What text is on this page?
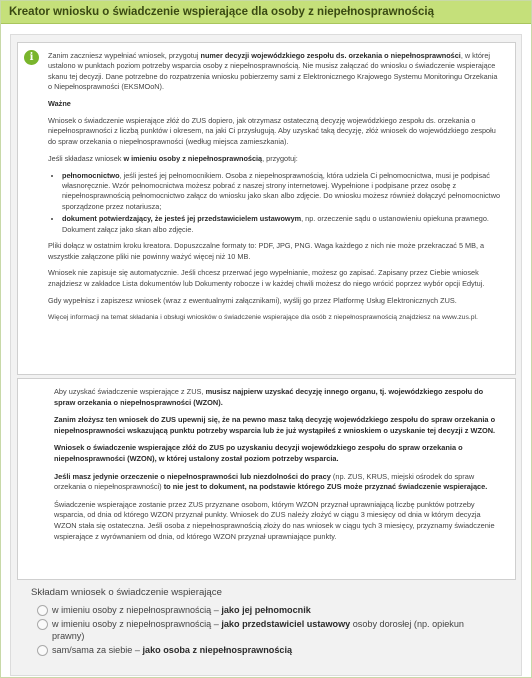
Kreator wniosku o świadczenie wspierające dla osoby z niepełnosprawnością
i	Zanim zaczniesz wypełniać wniosek, przygotuj numer decyzji wojewódzkiego zespołu ds. orzekania o niepełnosprawności, w której ustalono w punktach poziom potrzeby wsparcia osoby z niepełnosprawnością. Nie musisz załączać do wniosku o świadczenie wspierające skanu tej decyzji. Dane potrzebne do rozpatrzenia wniosku pobierzemy sami z Elektronicznego Krajowego Systemu Monitoringu Orzekania o Niepełnosprawności (EKSMOoN).

Ważne

Wniosek o świadczenie wspierające złóż do ZUS dopiero, jak otrzymasz ostateczną decyzję wojewódzkiego zespołu ds. orzekania o niepełnosprawności z liczbą punktów i okresem, na jaki Ci przysługują. Aby uzyskać taką decyzję, złóż wniosek do wojewódzkiego zespołu do spraw orzekania o niepełnosprawności (według miejsca zamieszkania).

Jeśli składasz wniosek w imieniu osoby z niepełnosprawnością, przygotuj:

• pełnomocnictwo, jeśli jesteś jej pełnomocnikiem. Osoba z niepełnosprawnością, która udziela Ci pełnomocnictwa, musi je podpisać własnoręcznie. Wzór pełnomocnictwa możesz pobrać z naszej strony internetowej. Wypełnione i podpisane przez osobę z niepełnosprawnością pełnomocnictwo załącz do wniosku jako skan albo zdjęcie. Do wniosku możesz również dołączyć pełnomocnictwo sporządzone przez notariusza;
• dokument potwierdzający, że jesteś jej przedstawicielem ustawowym, np. orzeczenie sądu o ustanowieniu opiekuna prawnego. Dokument załącz jako skan albo zdjęcie.

Pliki dołącz w ostatnim kroku kreatora. Dopuszczalne formaty to: PDF, JPG, PNG. Waga każdego z nich nie może przekraczać 5 MB, a wszystkie załączone pliki nie powinny ważyć więcej niż 10 MB.

Wniosek nie zapisuje się automatycznie. Jeśli chcesz przerwać jego wypełnianie, możesz go zapisać. Zapisany przez Ciebie wniosek znajdziesz w zakładce Lista dokumentów lub Dokumenty robocze i w każdej chwili możesz do niego wrócić poprzez wybór opcji Edytuj.

Gdy wypełnisz i zapiszesz wniosek (wraz z ewentualnymi załącznikami), wyślij go przez Platformę Usług Elektronicznych ZUS.

Więcej informacji na temat składania i obsługi wniosków o świadczenie wspierające dla osób z niepełnosprawnością znajdziesz na www.zus.pl.

Aby uzyskać świadczenie wspierające z ZUS, musisz najpierw uzyskać decyzję innego organu, tj. wojewódzkiego zespołu do spraw orzekania o niepełnosprawności (WZON).

Zanim złożysz ten wniosek do ZUS upewnij się, że na pewno masz taką decyzję wojewódzkiego zespołu do spraw orzekania o niepełnosprawności wskazującą punktu potrzeby wsparcia lub że już wystąpiłeś z wnioskiem o uzyskanie tej decyzji z WZON.

Wniosek o świadczenie wspierające złóż do ZUS po uzyskaniu decyzji wojewódzkiego zespołu do spraw orzekania o niepełnosprawności (WZON), w której ustalony został poziom potrzeby wsparcia.

Jeśli masz jedynie orzeczenie o niepełnosprawności lub niezdolności do pracy (np. ZUS, KRUS, miejski ośrodek do spraw orzekania o niepełnosprawności) to nie jest to dokument, na podstawie którego ZUS może przyznać świadczenie wspierające.

Świadczenie wspierające zostanie przez ZUS przyznane osobom, którym WZON przyznał uprawniającą liczbę punktów potrzeby wsparcia, od dnia od którego WZON przyznał punkty. Wniosek do ZUS należy złożyć w ciągu 3 miesięcy od dnia w którym decyzja WZON stała się ostateczna. Jeśli osoba z niepełnosprawnością złoży do nas wniosek w ciągu tych 3 miesięcy, przyznamy świadczenie wspierające z wyrównaniem od dnia, od którego WZON przyznał uprawniające punkty.

Składam wniosek o świadczenie wspierające
w imieniu osoby z niepełnosprawnością – jako jej pełnomocnik
w imieniu osoby z niepełnosprawnością – jako przedstawiciel ustawowy osoby dorosłej (np. opiekun prawny)
sam/sama za siebie – jako osoba z niepełnosprawnością
